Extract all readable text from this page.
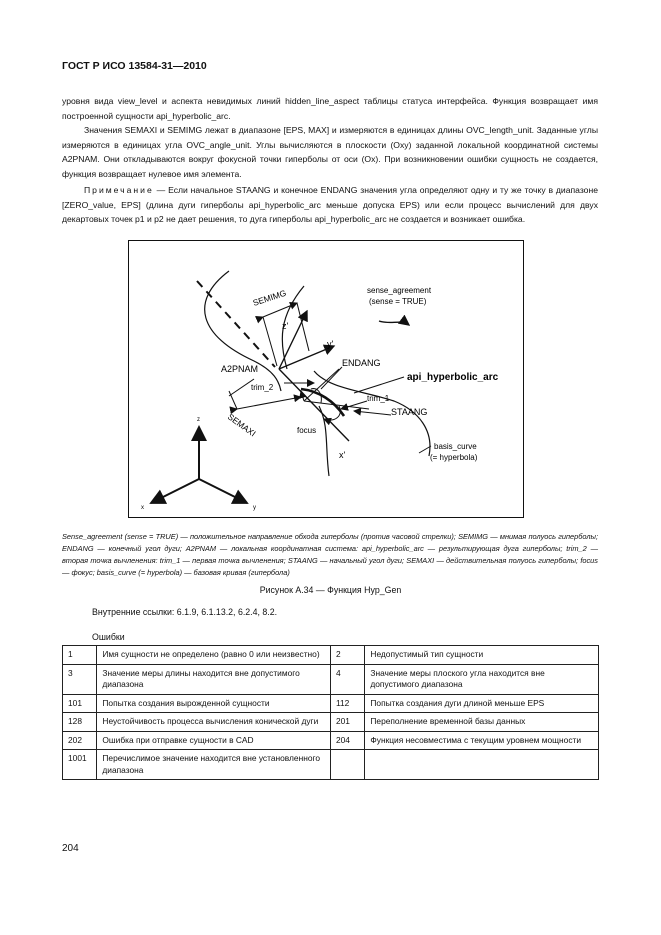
ГОСТ Р ИСО 13584-31—2010

уровня вида view_level и аспекта невидимых линий hidden_line_aspect таблицы статуса интерфейса. Функция возвращает имя построенной сущности api_hyperbolic_arc.

Значения SEMAXI и SEMIMG лежат в диапазоне [EPS, MAX] и измеряются в единицах длины OVC_length_unit. Заданные углы измеряются в единицах угла OVC_angle_unit. Углы вычисляются в плоскости (Oxy) заданной локальной координатной системы A2PNAM. Они откладываются вокруг фокусной точки гиперболы от оси (Ox). При возникновении ошибки сущность не создается, функция возвращает нулевое имя элемента.

Примечание — Если начальное STAANG и конечное ENDANG значения угла определяют одну и ту же точку в диапазоне [ZERO_value, EPS] (длина дуги гиперболы api_hyperbolic_arc меньше допуска EPS) или если процесс вычислений для двух декартовых точек p1 и p2 не дает решения, то дуга гиперболы api_hyperbolic_arc не создается и возникает ошибка.

sense_agreement
(sense = TRUE)
SEMIMG
z'
y'
A2PNAM
ENDANG
api_hyperbolic_arc
trim_2
trim_1
STAANG
SEMAXI	focus
x'
basis_curve
(= hyperbola)
z
x	y

Sense_agreement (sense = TRUE) — положительное направление обхода гиперболы (против часовой стрелки); SEMIMG — мнимая полуось гиперболы; ENDANG — конечный угол дуги; A2PNAM — локальная координатная система: api_hyperbolic_arc — результирующая дуга гиперболы; trim_2 — вторая точка вычленения: trim_1 — первая точка вычленения; STAANG — начальный угол дуги; SEMAXI — действительная полуось гиперболы; focus — фокус; basis_curve (= hyperbola) — базовая кривая (гипербола)

Рисунок А.34 — Функция Hyp_Gen
Внутренние ссылки: 6.1.9, 6.1.13.2, 6.2.4, 8.2.
Ошибки
1	Имя сущности не определено (равно 0 или неизвестно)	2	Недопустимый тип сущности
3	Значение меры длины находится вне допустимого диапазона	4	Значение меры плоского угла находится вне допустимого диапазона
101	Попытка создания вырожденной сущности	112	Попытка создания дуги длиной меньше EPS
128	Неустойчивость процесса вычисления конической дуги	201	Переполнение временной базы данных
202	Ошибка при отправке сущности в CAD	204	Функция несовместима с текущим уровнем мощности
1001	Перечислимое значение находится вне установленного диапазона		
204
